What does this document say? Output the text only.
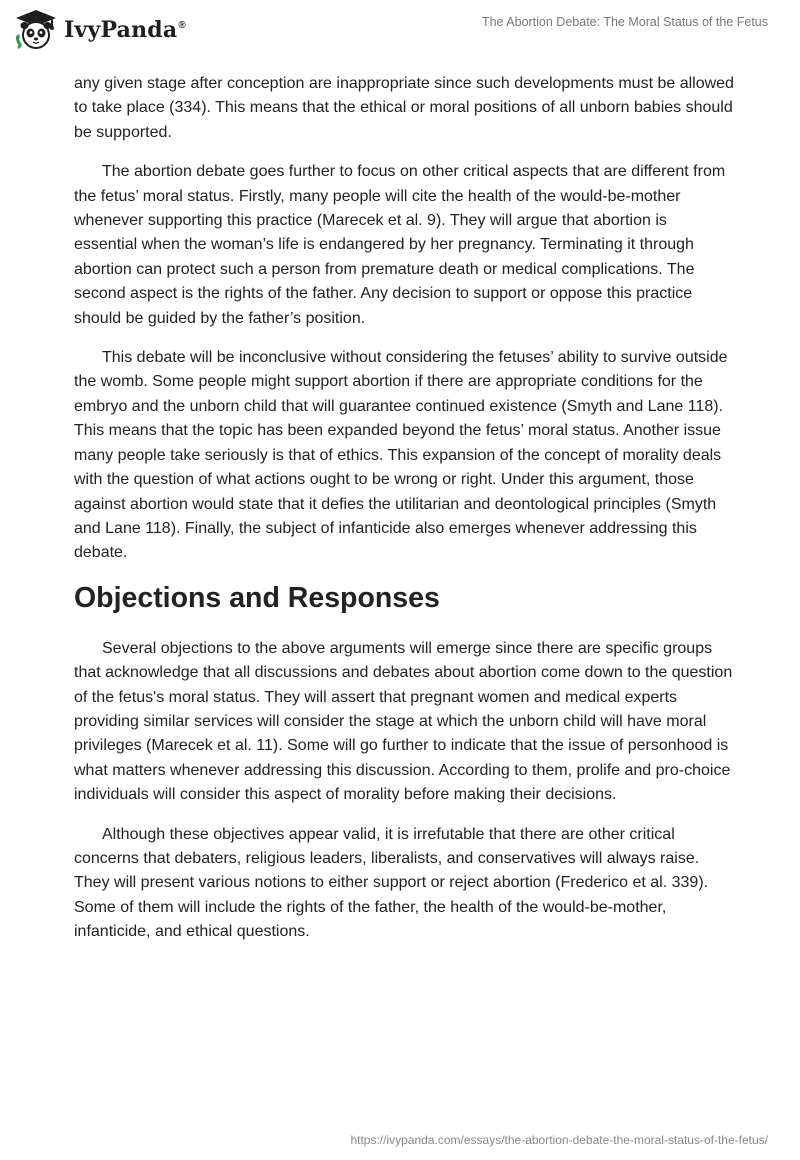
IvyPanda®	The Abortion Debate: The Moral Status of the Fetus

any given stage after conception are inappropriate since such developments must be allowed to take place (334). This means that the ethical or moral positions of all unborn babies should be supported.

The abortion debate goes further to focus on other critical aspects that are different from the fetus’ moral status. Firstly, many people will cite the health of the would-be-mother whenever supporting this practice (Marecek et al. 9). They will argue that abortion is essential when the woman’s life is endangered by her pregnancy. Terminating it through abortion can protect such a person from premature death or medical complications. The second aspect is the rights of the father. Any decision to support or oppose this practice should be guided by the father’s position.

This debate will be inconclusive without considering the fetuses’ ability to survive outside the womb. Some people might support abortion if there are appropriate conditions for the embryo and the unborn child that will guarantee continued existence (Smyth and Lane 118). This means that the topic has been expanded beyond the fetus’ moral status. Another issue many people take seriously is that of ethics. This expansion of the concept of morality deals with the question of what actions ought to be wrong or right. Under this argument, those against abortion would state that it defies the utilitarian and deontological principles (Smyth and Lane 118). Finally, the subject of infanticide also emerges whenever addressing this debate.

Objections and Responses

Several objections to the above arguments will emerge since there are specific groups that acknowledge that all discussions and debates about abortion come down to the question of the fetus's moral status. They will assert that pregnant women and medical experts providing similar services will consider the stage at which the unborn child will have moral privileges (Marecek et al. 11). Some will go further to indicate that the issue of personhood is what matters whenever addressing this discussion. According to them, prolife and pro-choice individuals will consider this aspect of morality before making their decisions.

Although these objectives appear valid, it is irrefutable that there are other critical concerns that debaters, religious leaders, liberalists, and conservatives will always raise. They will present various notions to either support or reject abortion (Frederico et al. 339). Some of them will include the rights of the father, the health of the would-be-mother, infanticide, and ethical questions.

https://ivypanda.com/essays/the-abortion-debate-the-moral-status-of-the-fetus/
